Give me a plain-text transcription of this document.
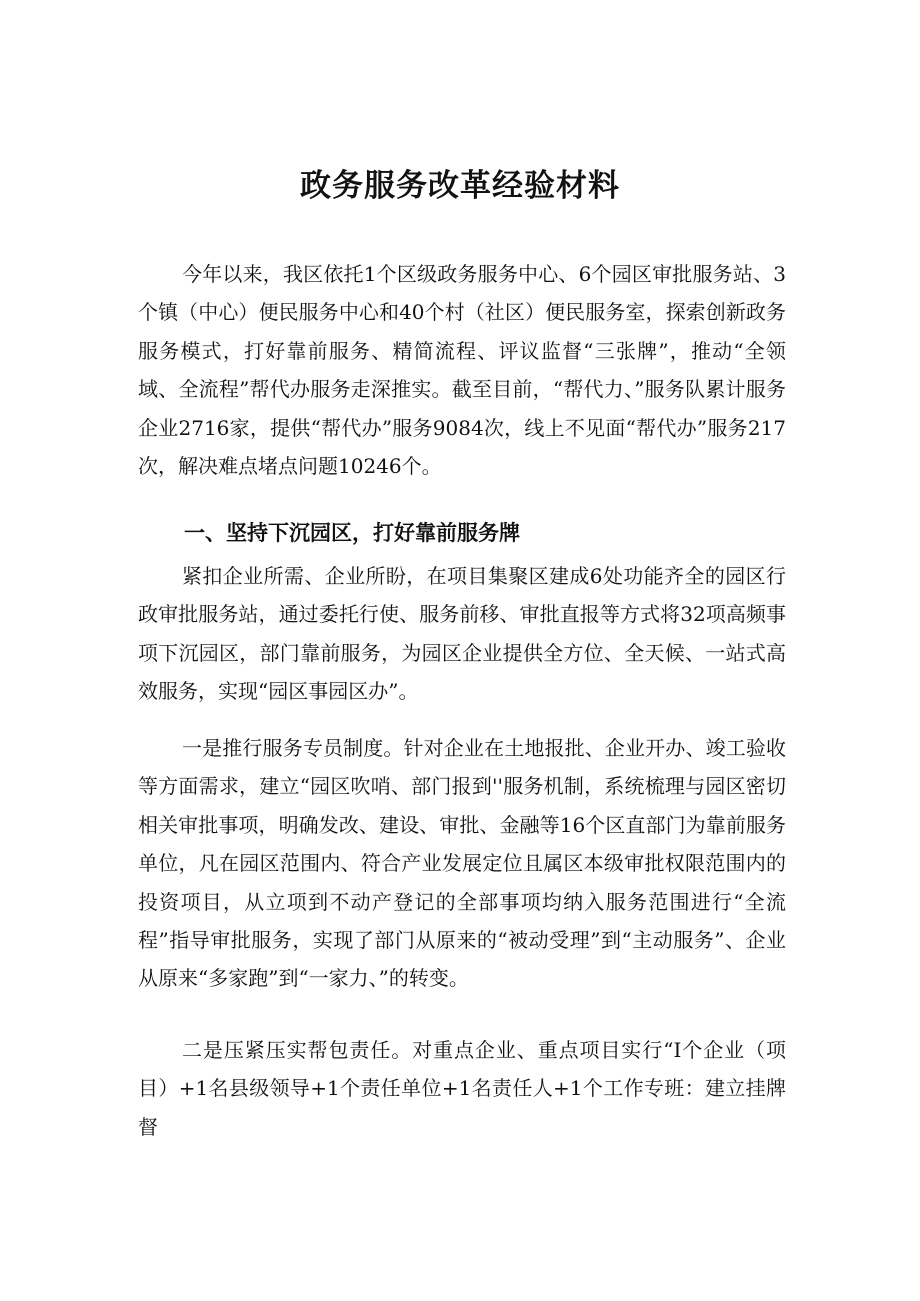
政务服务改革经验材料

今年以来，我区依托1个区级政务服务中心、6个园区审批服务站、3个镇（中心）便民服务中心和40个村（社区）便民服务室，探索创新政务服务模式，打好靠前服务、精简流程、评议监督“三张牌”，推动“全领域、全流程”帮代办服务走深推实。截至目前，“帮代力、”服务队累计服务企业2716家，提供“帮代办”服务9084次，线上不见面“帮代办”服务217次，解决难点堵点问题10246个。

一、坚持下沉园区，打好靠前服务牌

紧扣企业所需、企业所盼，在项目集聚区建成6处功能齐全的园区行政审批服务站，通过委托行使、服务前移、审批直报等方式将32项高频事项下沉园区，部门靠前服务，为园区企业提供全方位、全天候、一站式高效服务，实现“园区事园区办”。

一是推行服务专员制度。针对企业在土地报批、企业开办、竣工验收等方面需求，建立“园区吹哨、部门报到''服务机制，系统梳理与园区密切相关审批事项，明确发改、建设、审批、金融等16个区直部门为靠前服务单位，凡在园区范围内、符合产业发展定位且属区本级审批权限范围内的投资项目，从立项到不动产登记的全部事项均纳入服务范围进行“全流程”指导审批服务，实现了部门从原来的“被动受理”到“主动服务”、企业从原来“多家跑”到“一家力、”的转变。

二是压紧压实帮包责任。对重点企业、重点项目实行“I个企业（项目）+1名县级领导+1个责任单位+1名责任人+1个工作专班：建立挂牌督
